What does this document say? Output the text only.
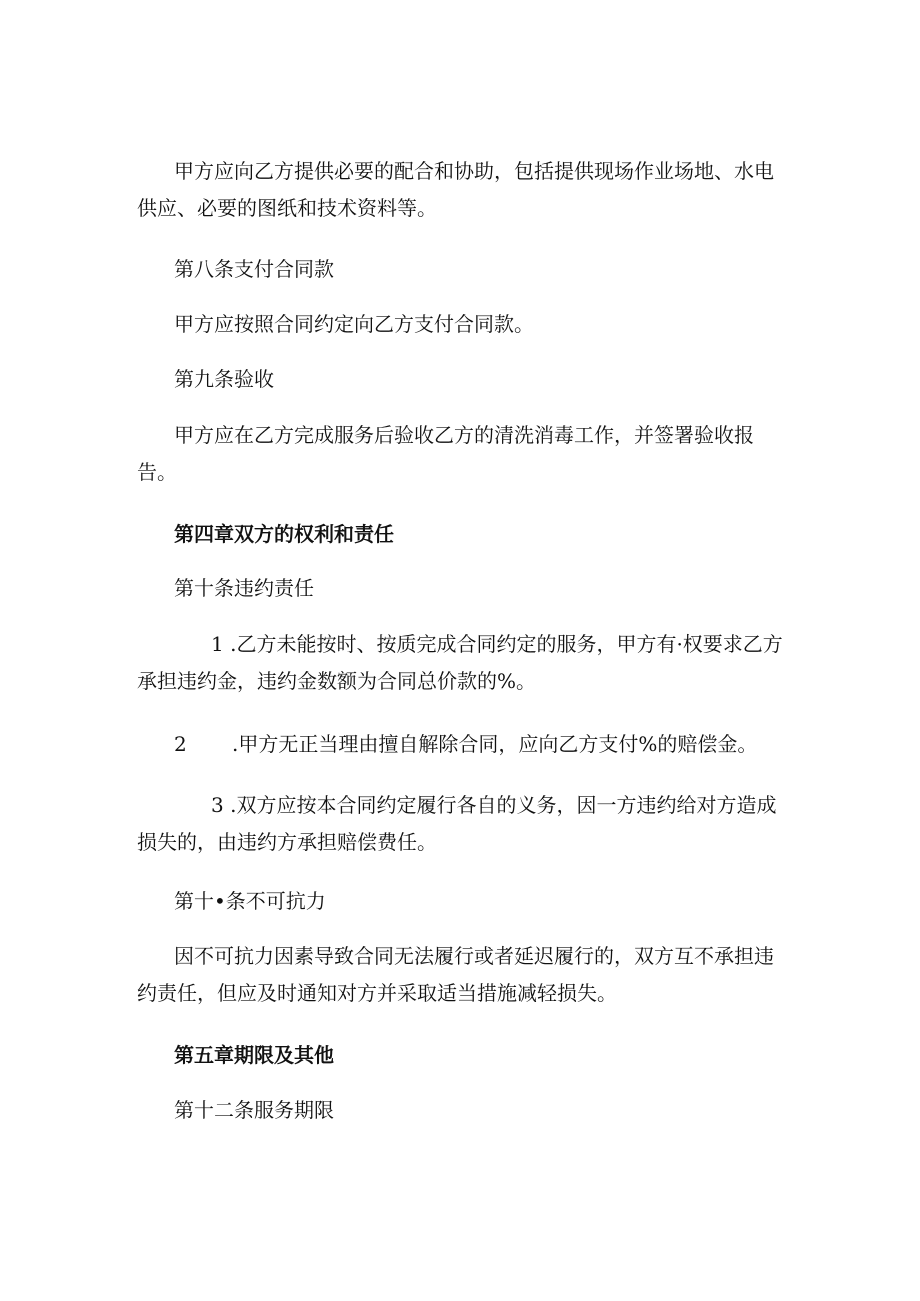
甲方应向乙方提供必要的配合和协助，包括提供现场作业场地、水电供应、必要的图纸和技术资料等。

第八条支付合同款

甲方应按照合同约定向乙方支付合同款。

第九条验收

甲方应在乙方完成服务后验收乙方的清洗消毒工作，并签署验收报告。

第四章双方的权利和责任

第十条违约责任

1 .乙方未能按时、按质完成合同约定的服务，甲方有·权要求乙方承担违约金，违约金数额为合同总价款的%。

2 .甲方无正当理由擅自解除合同，应向乙方支付%的赔偿金。

3 .双方应按本合同约定履行各自的义务，因一方违约给对方造成损失的，由违约方承担赔偿费任。

第十•条不可抗力

因不可抗力因素导致合同无法履行或者延迟履行的，双方互不承担违约责任，但应及时通知对方并采取适当措施减轻损失。

第五章期限及其他

第十二条服务期限
